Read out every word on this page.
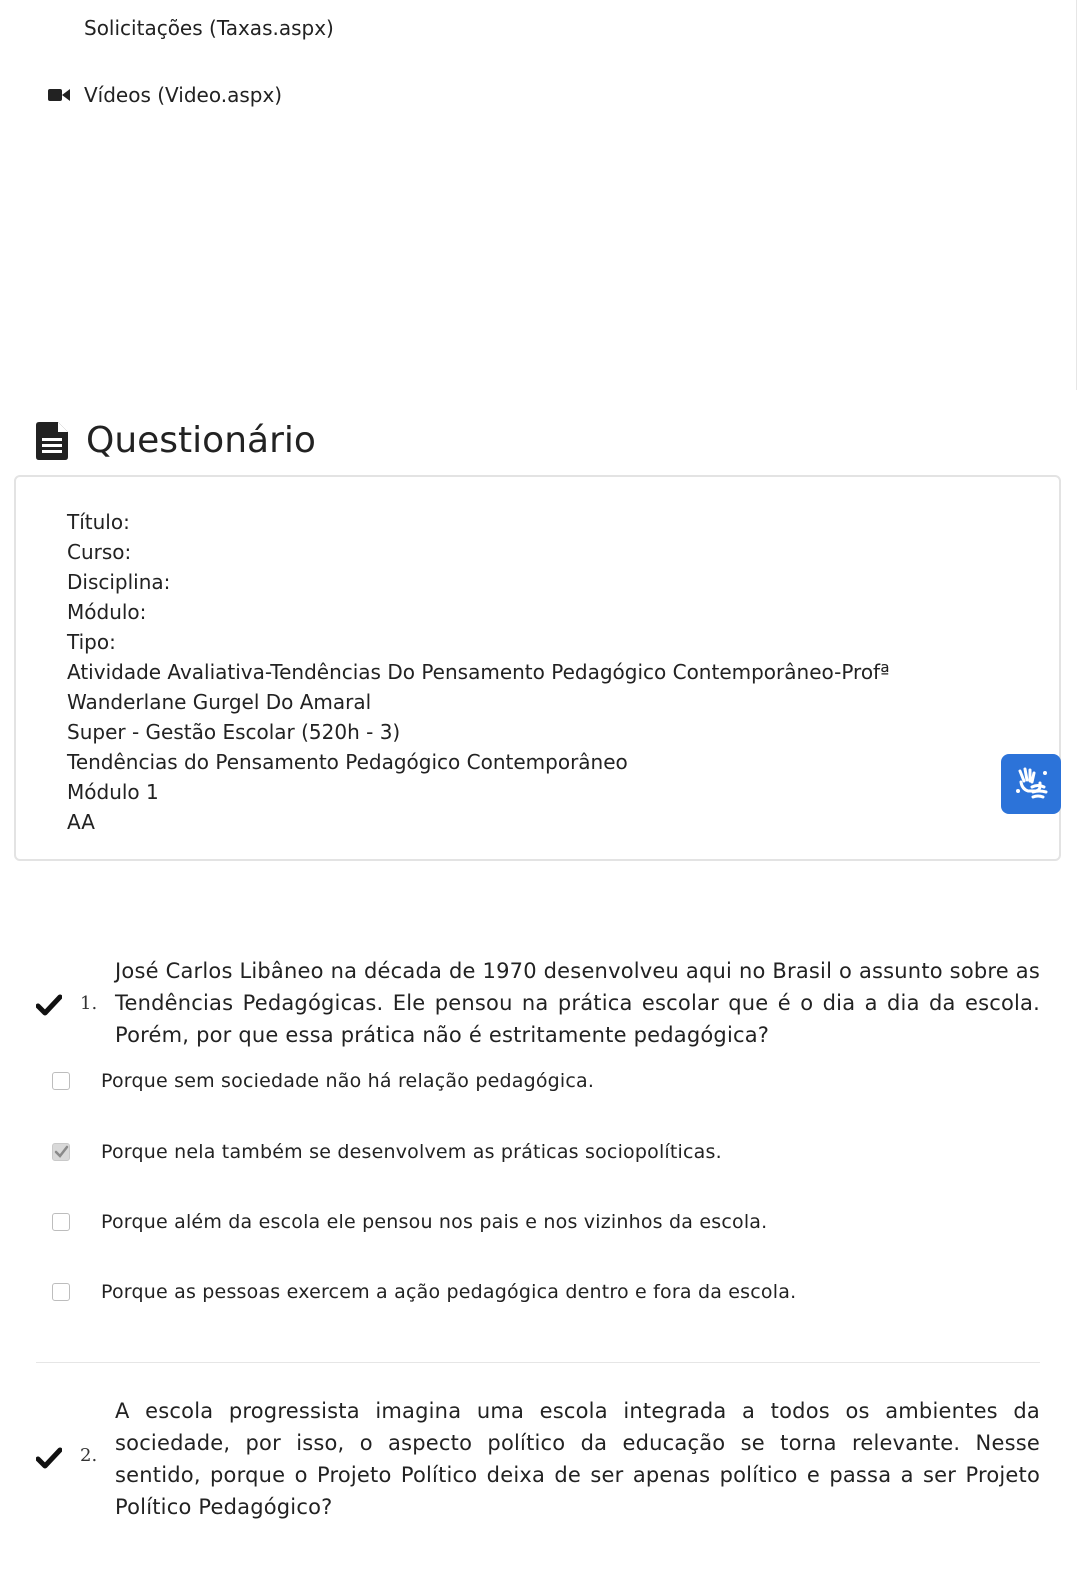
Solicitações (Taxas.aspx)
Vídeos (Video.aspx)
Questionário
Título:
Curso:
Disciplina:
Módulo:
Tipo:
Atividade Avaliativa-Tendências Do Pensamento Pedagógico Contemporâneo-Profª
Wanderlane Gurgel Do Amaral
Super - Gestão Escolar (520h - 3)
Tendências do Pensamento Pedagógico Contemporâneo
Módulo 1
AA
1.
José Carlos Libâneo na década de 1970 desenvolveu aqui no Brasil o assunto sobre as Tendências Pedagógicas. Ele pensou na prática escolar que é o dia a dia da escola. Porém, por que essa prática não é estritamente pedagógica?
Porque sem sociedade não há relação pedagógica.
Porque nela também se desenvolvem as práticas sociopolíticas.
Porque além da escola ele pensou nos pais e nos vizinhos da escola.
Porque as pessoas exercem a ação pedagógica dentro e fora da escola.
2.
A escola progressista imagina uma escola integrada a todos os ambientes da sociedade, por isso, o aspecto político da educação se torna relevante. Nesse sentido, porque o Projeto Político deixa de ser apenas político e passa a ser Projeto Político Pedagógico?
